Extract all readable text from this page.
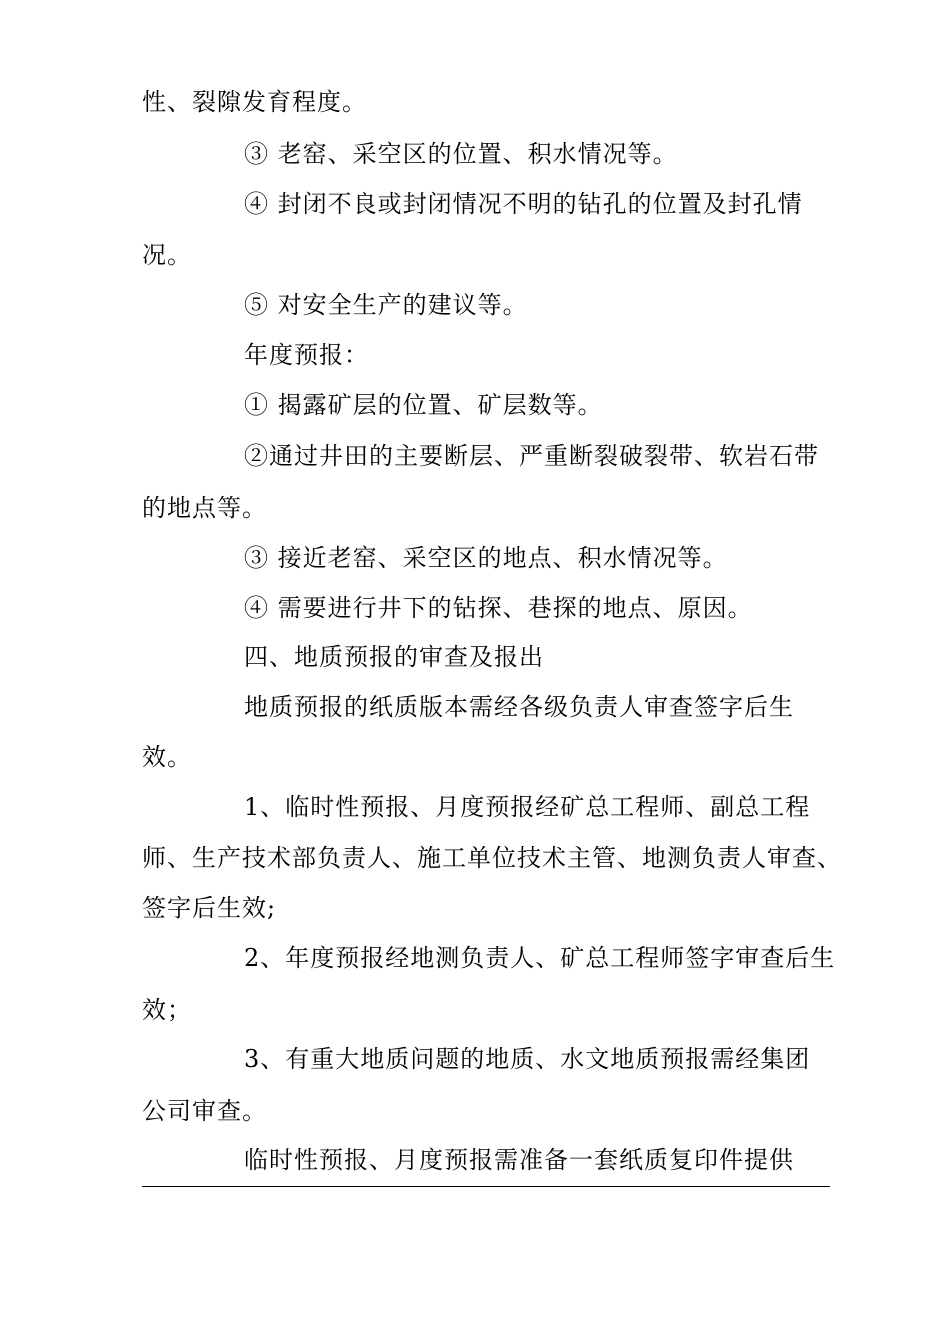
性、裂隙发育程度。
③ 老窑、采空区的位置、积水情况等。
④ 封闭不良或封闭情况不明的钻孔的位置及封孔情
况。
⑤ 对安全生产的建议等。
年度预报：
① 揭露矿层的位置、矿层数等。
②通过井田的主要断层、严重断裂破裂带、软岩石带
的地点等。
③ 接近老窑、采空区的地点、积水情况等。
④ 需要进行井下的钻探、巷探的地点、原因。
四、地质预报的审查及报出
地质预报的纸质版本需经各级负责人审查签字后生
效。
1、临时性预报、月度预报经矿总工程师、副总工程
师、生产技术部负责人、施工单位技术主管、地测负责人审查、
签字后生效;
2、年度预报经地测负责人、矿总工程师签字审查后生
效；
3、有重大地质问题的地质、水文地质预报需经集团
公司审查。
临时性预报、月度预报需准备一套纸质复印件提供
